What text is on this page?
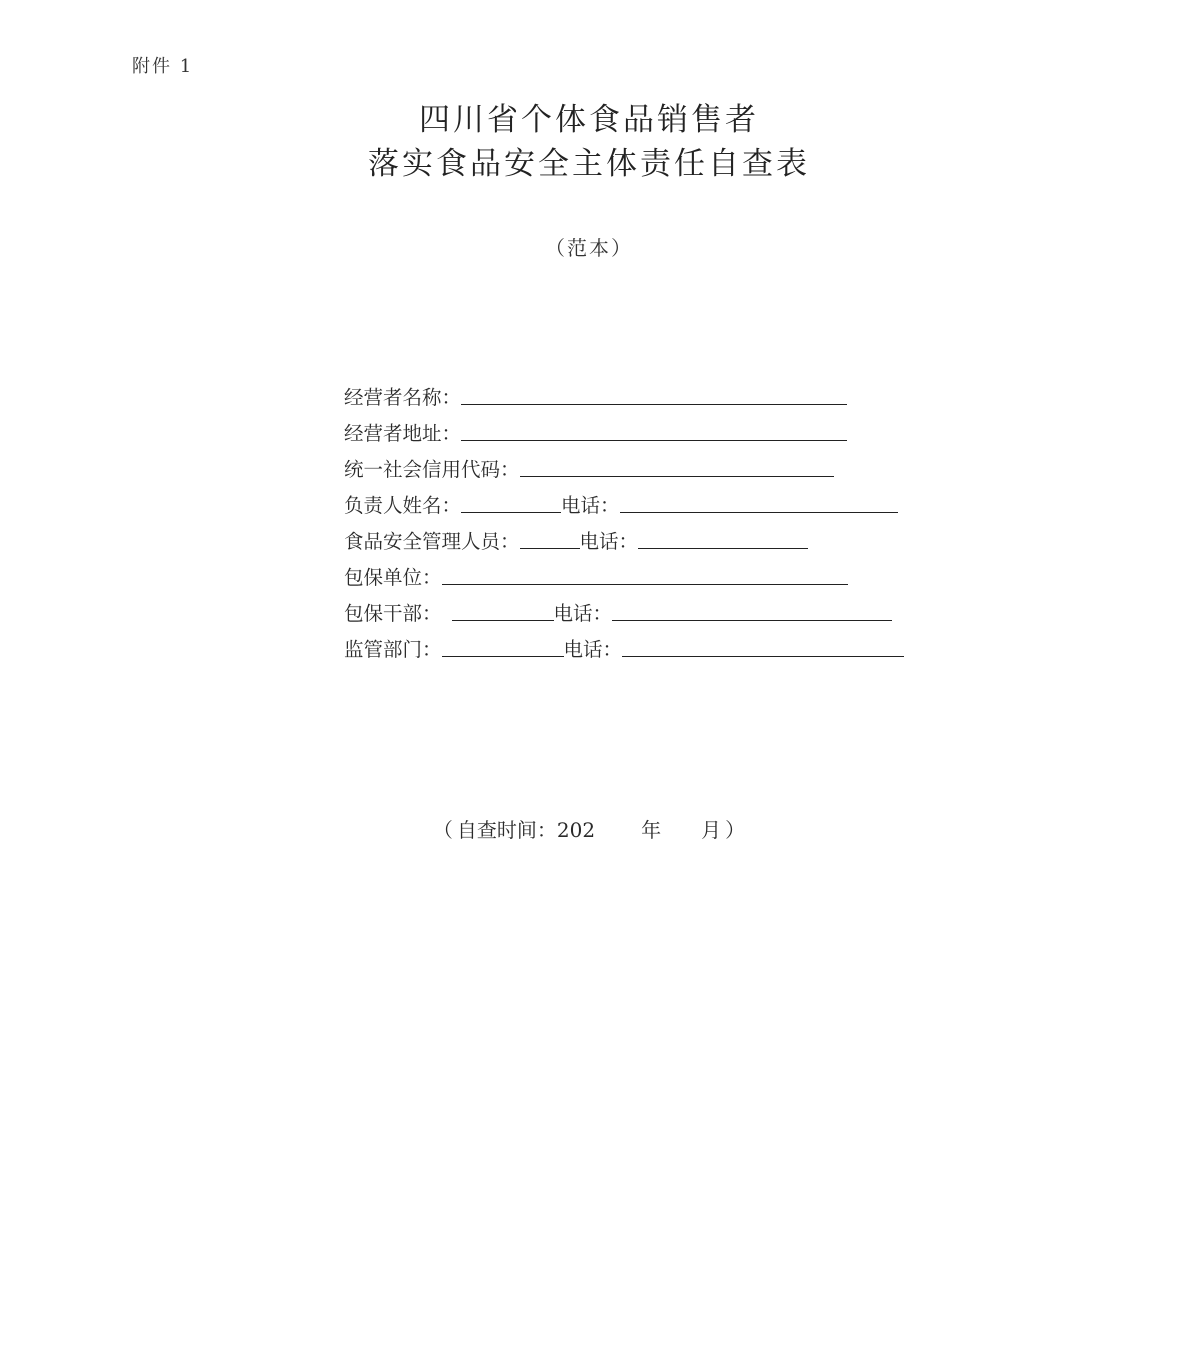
附件 1
四川省个体食品销售者
落实食品安全主体责任自查表
（范本）
经营者名称：
经营者地址：
统一社会信用代码：
负责人姓名：	电话：
食品安全管理人员：	电话：
包保单位：
包保干部：	电话：
监管部门：	电话：
（ 自查时间：202 年 月 ）
